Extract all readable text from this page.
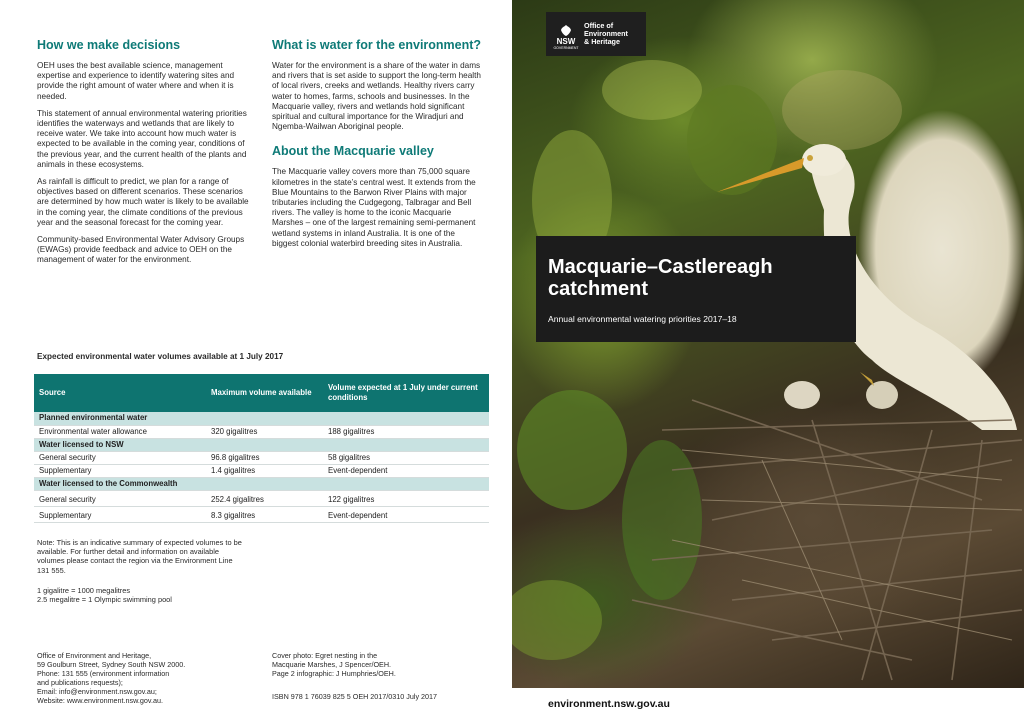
How we make decisions

OEH uses the best available science, management expertise and experience to identify watering sites and provide the right amount of water where and when it is needed.

This statement of annual environmental watering priorities identifies the waterways and wetlands that are likely to receive water. We take into account how much water is expected to be available in the coming year, conditions of the previous year, and the current health of the plants and animals in these ecosystems.

As rainfall is difficult to predict, we plan for a range of objectives based on different scenarios. These scenarios are determined by how much water is likely to be available in the coming year, the climate conditions of the previous year and the seasonal forecast for the coming year.

Community-based Environmental Water Advisory Groups (EWAGs) provide feedback and advice to OEH on the management of water for the environment.

What is water for the environment?

Water for the environment is a share of the water in dams and rivers that is set aside to support the long-term health of local rivers, creeks and wetlands. Healthy rivers carry water to homes, farms, schools and businesses. In the Macquarie valley, rivers and wetlands hold significant spiritual and cultural importance for the Wiradjuri and Ngemba-Wailwan Aboriginal people.

About the Macquarie valley

The Macquarie valley covers more than 75,000 square kilometres in the state’s central west. It extends from the Blue Mountains to the Barwon River Plains with major tributaries including the Cudgegong, Talbragar and Bell rivers. The valley is home to the iconic Macquarie Marshes – one of the largest remaining semi-permanent wetland systems in inland Australia. It is one of the biggest colonial waterbird breeding sites in Australia.

Expected environmental water volumes available at 1 July 2017
Source	Maximum volume available	Volume expected at 1 July under current conditions
Planned environmental water		
Environmental water allowance	320 gigalitres	188 gigalitres
Water licensed to NSW		
General security	96.8 gigalitres	58 gigalitres
Supplementary	1.4 gigalitres	Event-dependent
Water licensed to the Commonwealth		
General security	252.4 gigalitres	122 gigalitres
Supplementary	8.3 gigalitres	Event-dependent
Note: This is an indicative summary of expected volumes to be available. For further detail and information on available volumes please contact the region via the Environment Line 131 555.
1 gigalitre = 1000 megalitres
2.5 megalitre = 1 Olympic swimming pool
Office of Environment and Heritage,
59 Goulburn Street, Sydney South NSW 2000.
Phone: 131 555 (environment information
and publications requests);
Email: info@environment.nsw.gov.au;
Website: www.environment.nsw.gov.au.
Cover photo: Egret nesting in the
Macquarie Marshes, J Spencer/OEH.
Page 2 infographic: J Humphries/OEH.
ISBN 978 1 76039 825 5 OEH 2017/0310 July 2017
NSW
GOVERNMENT
Office of
Environment
& Heritage
Macquarie–Castlereagh
catchment
Annual environmental watering priorities 2017–18
environment.nsw.gov.au
